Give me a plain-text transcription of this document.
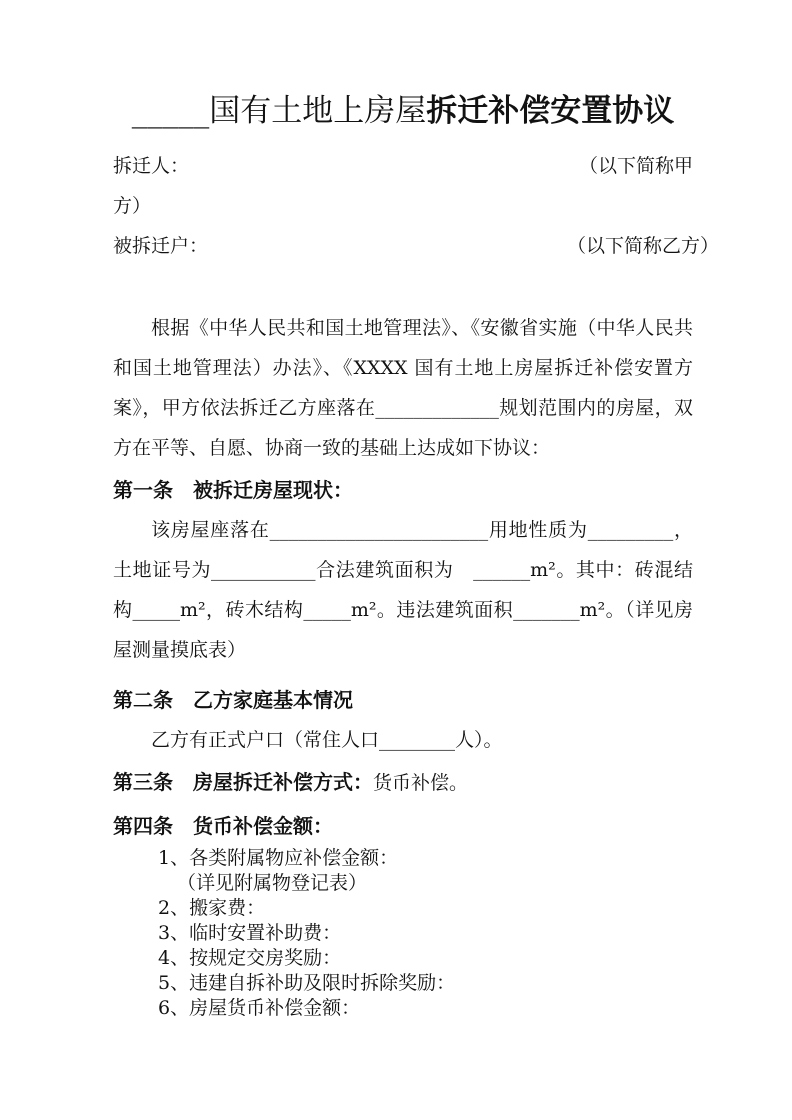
_____国有土地上房屋拆迁补偿安置协议
拆迁人：	（以下简称甲
方）
被拆迁户：	（以下简称乙方）

根据《中华人民共和国土地管理法》、《安徽省实施（中华人民共和国土地管理法）办法》、《XXXX 国有土地上房屋拆迁补偿安置方案》，甲方依法拆迁乙方座落在_____________规划范围内的房屋，双方在平等、自愿、协商一致的基础上达成如下协议：

第一条　被拆迁房屋现状：

该房屋座落在_______________________用地性质为_________，土地证号为___________合法建筑面积为　______m²。其中：砖混结构_____m²，砖木结构_____m²。违法建筑面积_______m²。（详见房屋测量摸底表）

第二条　乙方家庭基本情况

乙方有正式户口（常住人口________人）。

第三条　房屋拆迁补偿方式：货币补偿。

第四条　货币补偿金额：
1、各类附属物应补偿金额：
（详见附属物登记表）
2、搬家费：
3、临时安置补助费：
4、按规定交房奖励：
5、违建自拆补助及限时拆除奖励：
6、房屋货币补偿金额：
